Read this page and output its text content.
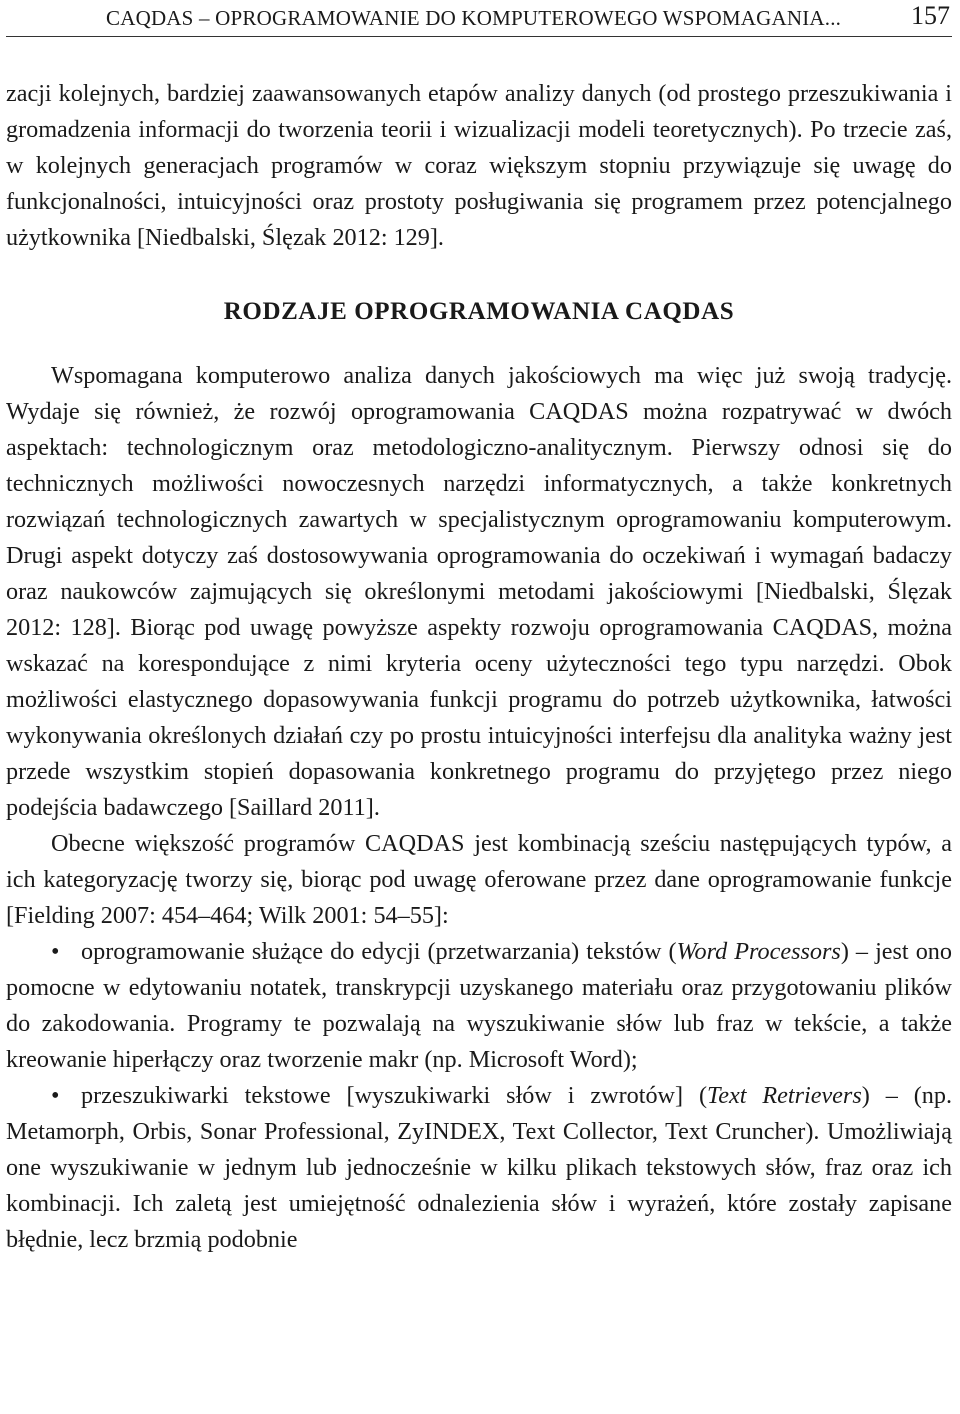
CAQDAS – OPROGRAMOWANIE DO KOMPUTEROWEGO WSPOMAGANIA...	157

zacji kolejnych, bardziej zaawansowanych etapów analizy danych (od prostego przeszukiwania i gromadzenia informacji do tworzenia teorii i wizualizacji modeli teoretycznych). Po trzecie zaś, w kolejnych generacjach programów w coraz większym stopniu przywiązuje się uwagę do funkcjonalności, intuicyjności oraz prostoty posługiwania się programem przez potencjalnego użytkownika [Niedbalski, Ślęzak 2012: 129].

RODZAJE OPROGRAMOWANIA CAQDAS

Wspomagana komputerowo analiza danych jakościowych ma więc już swoją tradycję. Wydaje się również, że rozwój oprogramowania CAQDAS można rozpatrywać w dwóch aspektach: technologicznym oraz metodologiczno-analitycznym. Pierwszy odnosi się do technicznych możliwości nowoczesnych narzędzi informatycznych, a także konkretnych rozwiązań technologicznych zawartych w specjalistycznym oprogramowaniu komputerowym. Drugi aspekt dotyczy zaś dostosowywania oprogramowania do oczekiwań i wymagań badaczy oraz naukowców zajmujących się określonymi metodami jakościowymi [Niedbalski, Ślęzak 2012: 128]. Biorąc pod uwagę powyższe aspekty rozwoju oprogramowania CAQDAS, można wskazać na korespondujące z nimi kryteria oceny użyteczności tego typu narzędzi. Obok możliwości elastycznego dopasowywania funkcji programu do potrzeb użytkownika, łatwości wykonywania określonych działań czy po prostu intuicyjności interfejsu dla analityka ważny jest przede wszystkim stopień dopasowania konkretnego programu do przyjętego przez niego podejścia badawczego [Saillard 2011].

Obecne większość programów CAQDAS jest kombinacją sześciu następujących typów, a ich kategoryzację tworzy się, biorąc pod uwagę oferowane przez dane oprogramowanie funkcje [Fielding 2007: 454–464; Wilk 2001: 54–55]:

• oprogramowanie służące do edycji (przetwarzania) tekstów (Word Processors) – jest ono pomocne w edytowaniu notatek, transkrypcji uzyskanego materiału oraz przygotowaniu plików do zakodowania. Programy te pozwalają na wyszukiwanie słów lub fraz w tekście, a także kreowanie hiperłączy oraz tworzenie makr (np. Microsoft Word);
• przeszukiwarki tekstowe [wyszukiwarki słów i zwrotów] (Text Retrievers) – (np. Metamorph, Orbis, Sonar Professional, ZyINDEX, Text Collector, Text Cruncher). Umożliwiają one wyszukiwanie w jednym lub jednocześnie w kilku plikach tekstowych słów, fraz oraz ich kombinacji. Ich zaletą jest umiejętność odnalezienia słów i wyrażeń, które zostały zapisane błędnie, lecz brzmią podobnie
